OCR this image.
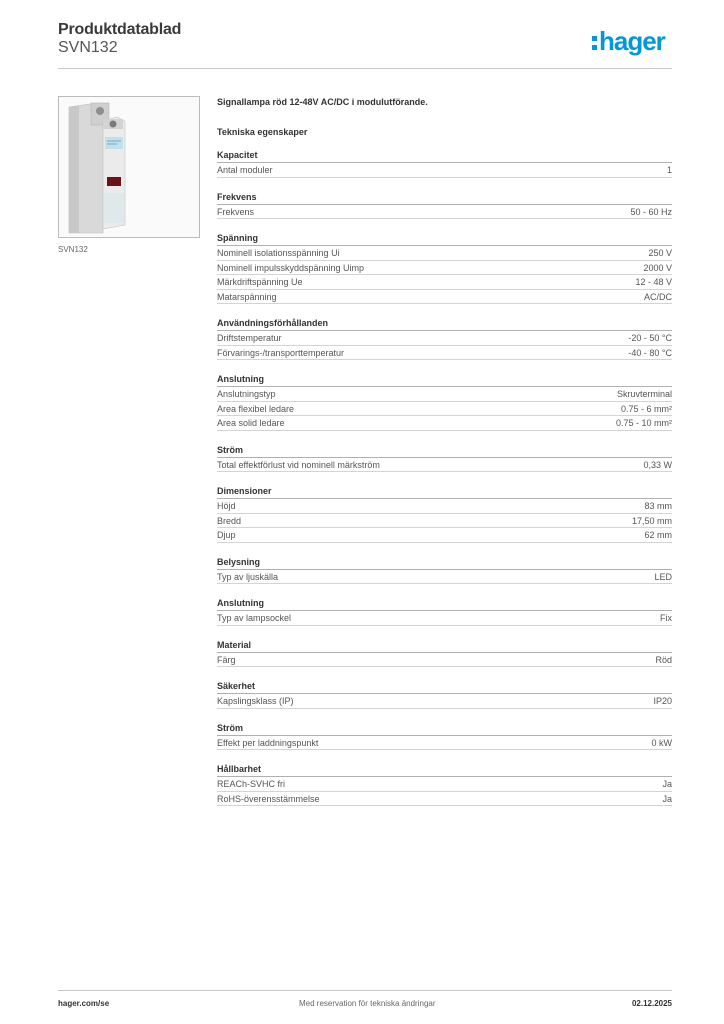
Produktdatablad
SVN132	hager
SVN132

Signallampa röd 12-48V AC/DC i modulutförande.

Tekniska egenskaper

Kapacitet
Antal moduler	1
Frekvens
Frekvens	50 - 60 Hz
Spänning
Nominell isolationsspänning Ui	250 V
Nominell impulsskyddspänning Uimp	2000 V
Märkdriftspänning Ue	12 - 48 V
Matarspänning	AC/DC
Användningsförhållanden
Driftstemperatur	-20 - 50 °C
Förvarings-/transporttemperatur	-40 - 80 °C
Anslutning
Anslutningstyp	Skruvterminal
Area flexibel ledare	0.75 - 6 mm²
Area solid ledare	0.75 - 10 mm²
Ström
Total effektförlust vid nominell märkström	0,33 W
Dimensioner
Höjd	83 mm
Bredd	17,50 mm
Djup	62 mm
Belysning
Typ av ljuskälla	LED
Anslutning
Typ av lampsockel	Fix
Material
Färg	Röd
Säkerhet
Kapslingsklass (IP)	IP20
Ström
Effekt per laddningspunkt	0 kW
Hållbarhet
REACh-SVHC fri	Ja
RoHS-överensstämmelse	Ja
hager.com/se	Med reservation för tekniska ändringar	02.12.2025
